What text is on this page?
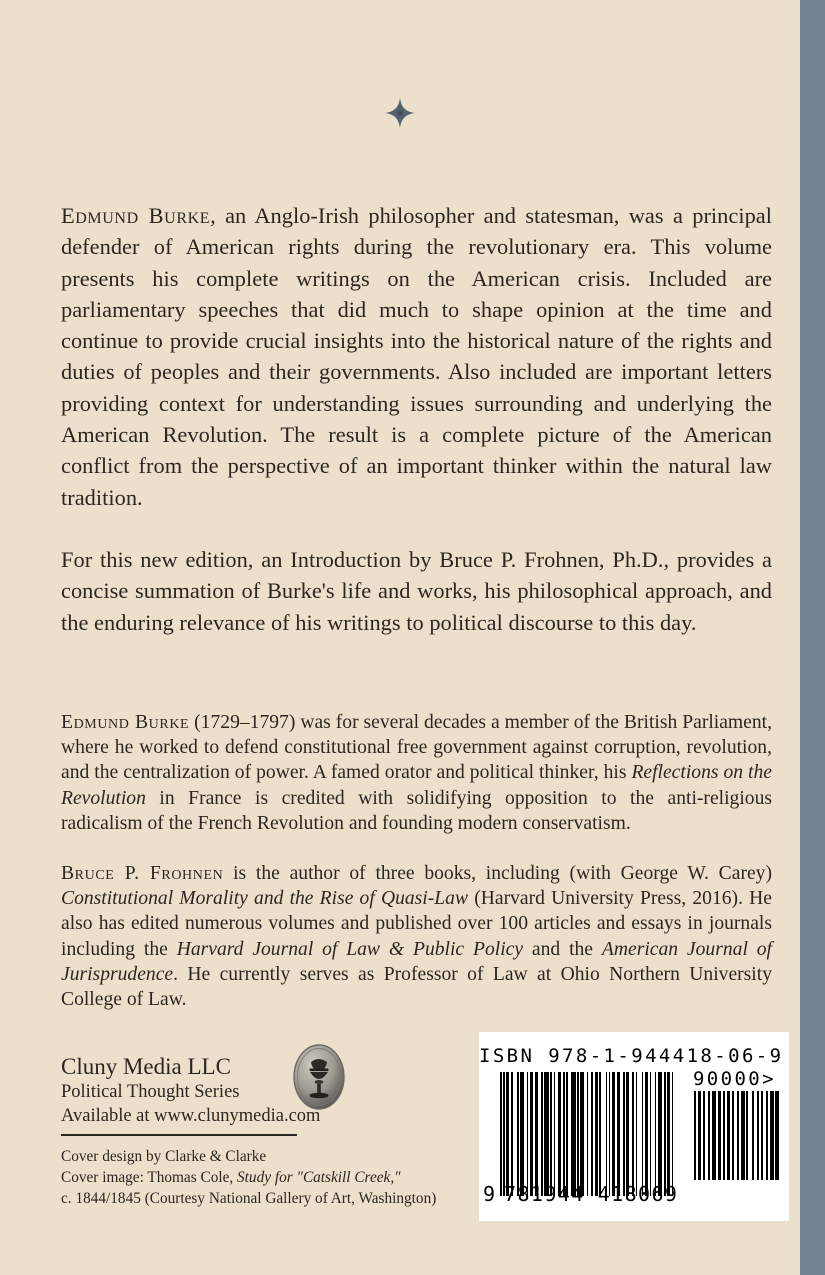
Edmund Burke, an Anglo-Irish philosopher and statesman, was a principal defender of American rights during the revolutionary era. This volume presents his complete writings on the American crisis. Included are parliamentary speeches that did much to shape opinion at the time and continue to provide crucial insights into the historical nature of the rights and duties of peoples and their governments. Also included are important letters providing context for understanding issues surrounding and underlying the American Revolution. The result is a complete picture of the American conflict from the perspective of an important thinker within the natural law tradition.

For this new edition, an Introduction by Bruce P. Frohnen, Ph.D., provides a concise summation of Burke's life and works, his philosophical approach, and the enduring relevance of his writings to political discourse to this day.

Edmund Burke (1729–1797) was for several decades a member of the British Parliament, where he worked to defend constitutional free government against corruption, revolution, and the centralization of power. A famed orator and political thinker, his Reflections on the Revolution in France is credited with solidifying opposition to the anti-religious radicalism of the French Revolution and founding modern conservatism.

Bruce P. Frohnen is the author of three books, including (with George W. Carey) Constitutional Morality and the Rise of Quasi-Law (Harvard University Press, 2016). He also has edited numerous volumes and published over 100 articles and essays in journals including the Harvard Journal of Law & Public Policy and the American Journal of Jurisprudence. He currently serves as Professor of Law at Ohio Northern University College of Law.

Cluny Media LLC

Political Thought Series

Available at www.clunymedia.com

Cover design by Clarke & Clarke
Cover image: Thomas Cole, Study for "Catskill Creek,"
c. 1844/1845 (Courtesy National Gallery of Art, Washington)
ISBN 978-1-944418-06-9
90000>
9 781944 418069
